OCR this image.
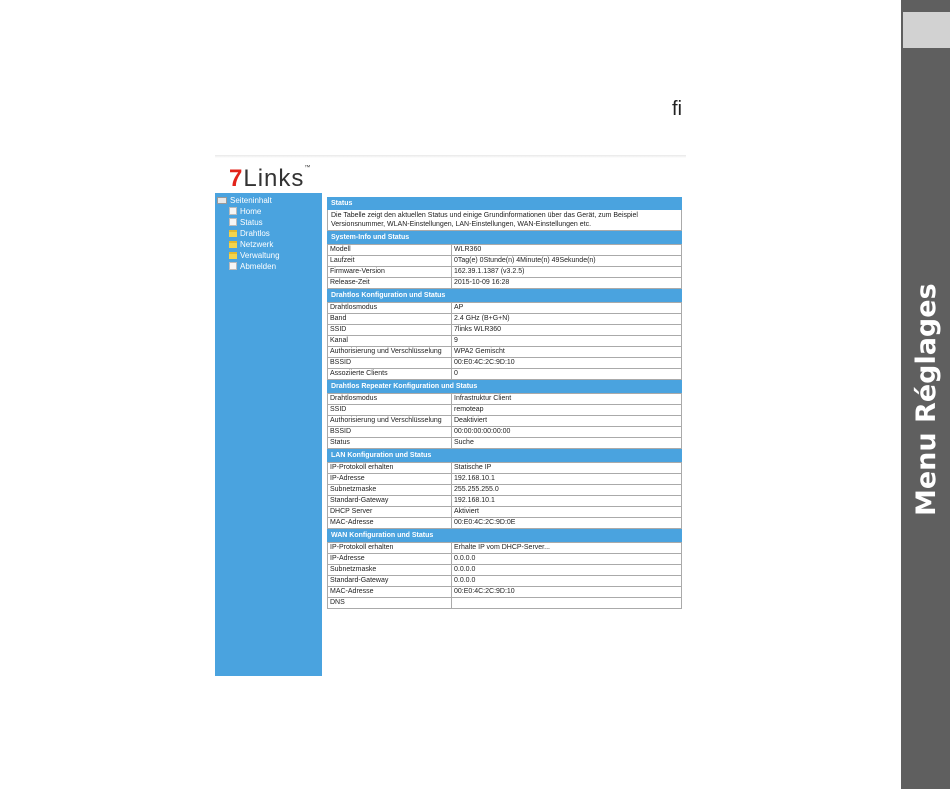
Menu Réglages
ﬁ
7Links™
Seiteninhalt
Home
Status
Drahtlos
Netzwerk
Verwaltung
Abmelden
Status
Die Tabelle zeigt den aktuellen Status und einige Grundinformationen über das Gerät, zum Beispiel Versionsnummer, WLAN-Einstellungen, LAN-Einstellungen, WAN-Einstellungen etc.
System-Info und Status
Modell	WLR360
Laufzeit	0Tag(e) 0Stunde(n) 4Minute(n) 49Sekunde(n)
Firmware-Version	162.39.1.1387 (v3.2.5)
Release-Zeit	2015-10-09 16:28
Drahtlos Konfiguration und Status
Drahtlosmodus	AP
Band	2.4 GHz (B+G+N)
SSID	7links WLR360
Kanal	9
Authorisierung und Verschlüsselung	WPA2 Gemischt
BSSID	00:E0:4C:2C:9D:10
Assoziierte Clients	0
Drahtlos Repeater Konfiguration und Status
Drahtlosmodus	Infrastruktur Client
SSID	remoteap
Authorisierung und Verschlüsselung	Deaktiviert
BSSID	00:00:00:00:00:00
Status	Suche
LAN Konfiguration und Status
IP-Protokoll erhalten	Statische IP
IP-Adresse	192.168.10.1
Subnetzmaske	255.255.255.0
Standard-Gateway	192.168.10.1
DHCP Server	Aktiviert
MAC-Adresse	00:E0:4C:2C:9D:0E
WAN Konfiguration und Status
IP-Protokoll erhalten	Erhalte IP vom DHCP-Server...
IP-Adresse	0.0.0.0
Subnetzmaske	0.0.0.0
Standard-Gateway	0.0.0.0
MAC-Adresse	00:E0:4C:2C:9D:10
DNS	
